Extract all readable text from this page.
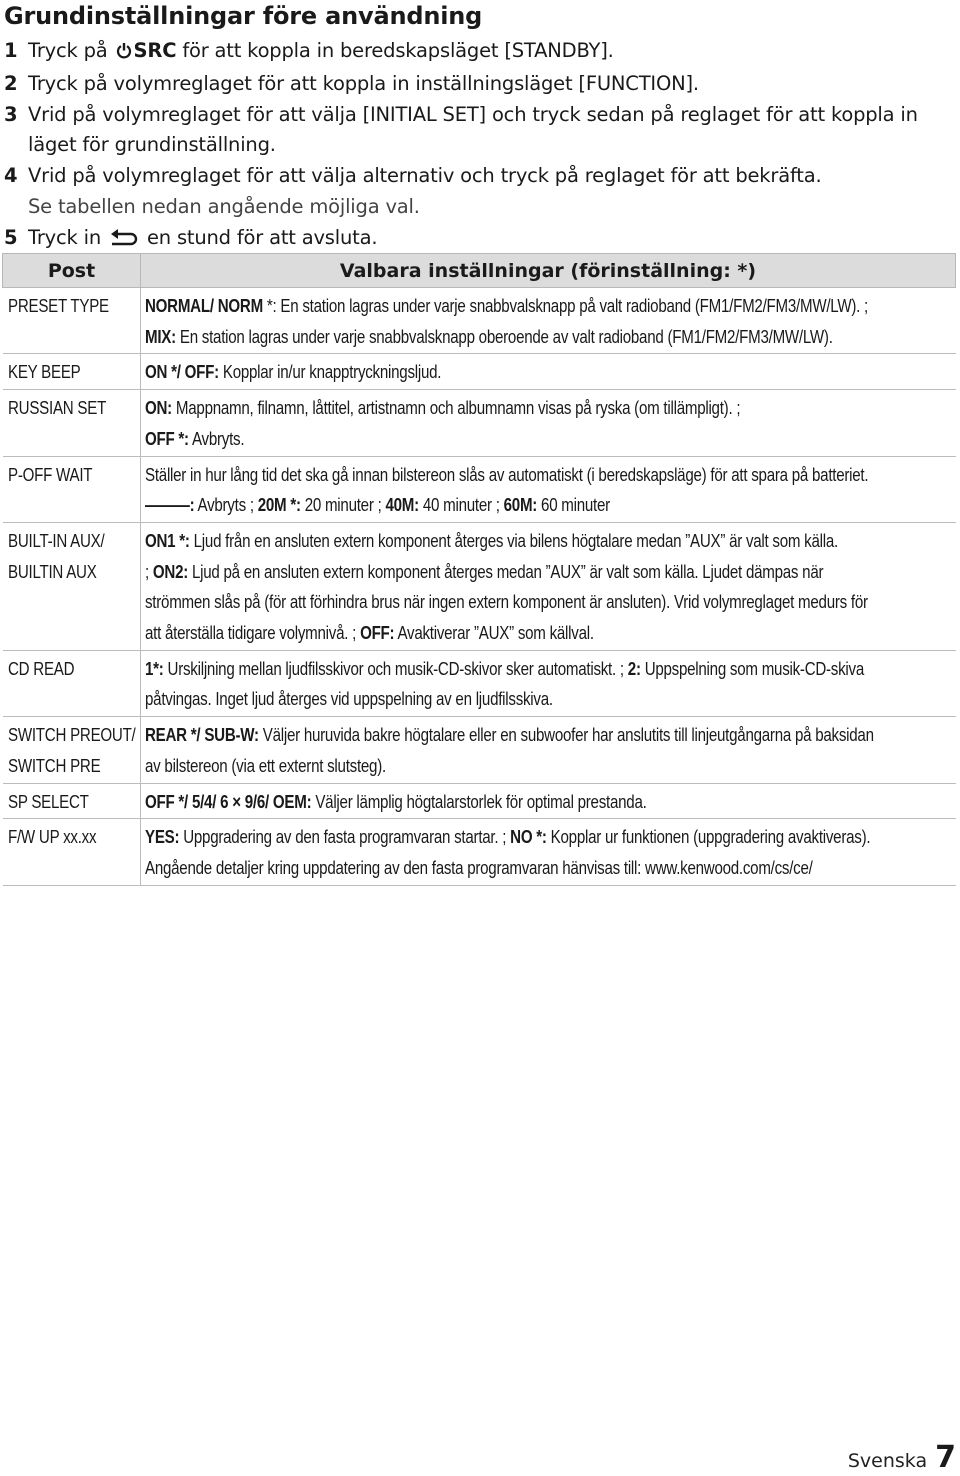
Grundinställningar före användning
1 Tryck på SRC för att koppla in beredskapsläget [STANDBY].
2 Tryck på volymreglaget för att koppla in inställningsläget [FUNCTION].
3 Vrid på volymreglaget för att välja [INITIAL SET] och tryck sedan på reglaget för att koppla in läget för grundinställning.
4 Vrid på volymreglaget för att välja alternativ och tryck på reglaget för att bekräfta.
Se tabellen nedan angående möjliga val.
5 Tryck in en stund för att avsluta.
Post	Valbara inställningar (förinställning: *)

PRESET TYPE	NORMAL/ NORM *: En station lagras under varje snabbvalsknapp på valt radioband (FM1/FM2/FM3/MW/LW). ;
MIX: En station lagras under varje snabbvalsknapp oberoende av valt radioband (FM1/FM2/FM3/MW/LW).

KEY BEEP	ON */ OFF: Kopplar in/ur knapptryckningsljud.

RUSSIAN SET	ON: Mappnamn, filnamn, låttitel, artistnamn och albumnamn visas på ryska (om tillämpligt). ;
OFF *: Avbryts.

P-OFF WAIT	Ställer in hur lång tid det ska gå innan bilstereon slås av automatiskt (i beredskapsläge) för att spara på batteriet.
———: Avbryts ; 20M *: 20 minuter ; 40M: 40 minuter ; 60M: 60 minuter

BUILT-IN AUX/
BUILTIN AUX	ON1 *: Ljud från en ansluten extern komponent återges via bilens högtalare medan ”AUX” är valt som källa.
; ON2: Ljud på en ansluten extern komponent återges medan ”AUX” är valt som källa. Ljudet dämpas när
strömmen slås på (för att förhindra brus när ingen extern komponent är ansluten). Vrid volymreglaget medurs för
att återställa tidigare volymnivå. ; OFF: Avaktiverar ”AUX” som källval.

CD READ	1*: Urskiljning mellan ljudfilsskivor och musik-CD-skivor sker automatiskt. ; 2: Uppspelning som musik-CD-skiva
påtvingas. Inget ljud återges vid uppspelning av en ljudfilsskiva.

SWITCH PREOUT/
SWITCH PRE	REAR */ SUB-W: Väljer huruvida bakre högtalare eller en subwoofer har anslutits till linjeutgångarna på baksidan
av bilstereon (via ett externt slutsteg).

SP SELECT	OFF */ 5/4/ 6 × 9/6/ OEM: Väljer lämplig högtalarstorlek för optimal prestanda.

F/W UP xx.xx	YES: Uppgradering av den fasta programvaran startar. ; NO *: Kopplar ur funktionen (uppgradering avaktiveras).
Angående detaljer kring uppdatering av den fasta programvaran hänvisas till: www.kenwood.com/cs/ce/
Svenska 7
